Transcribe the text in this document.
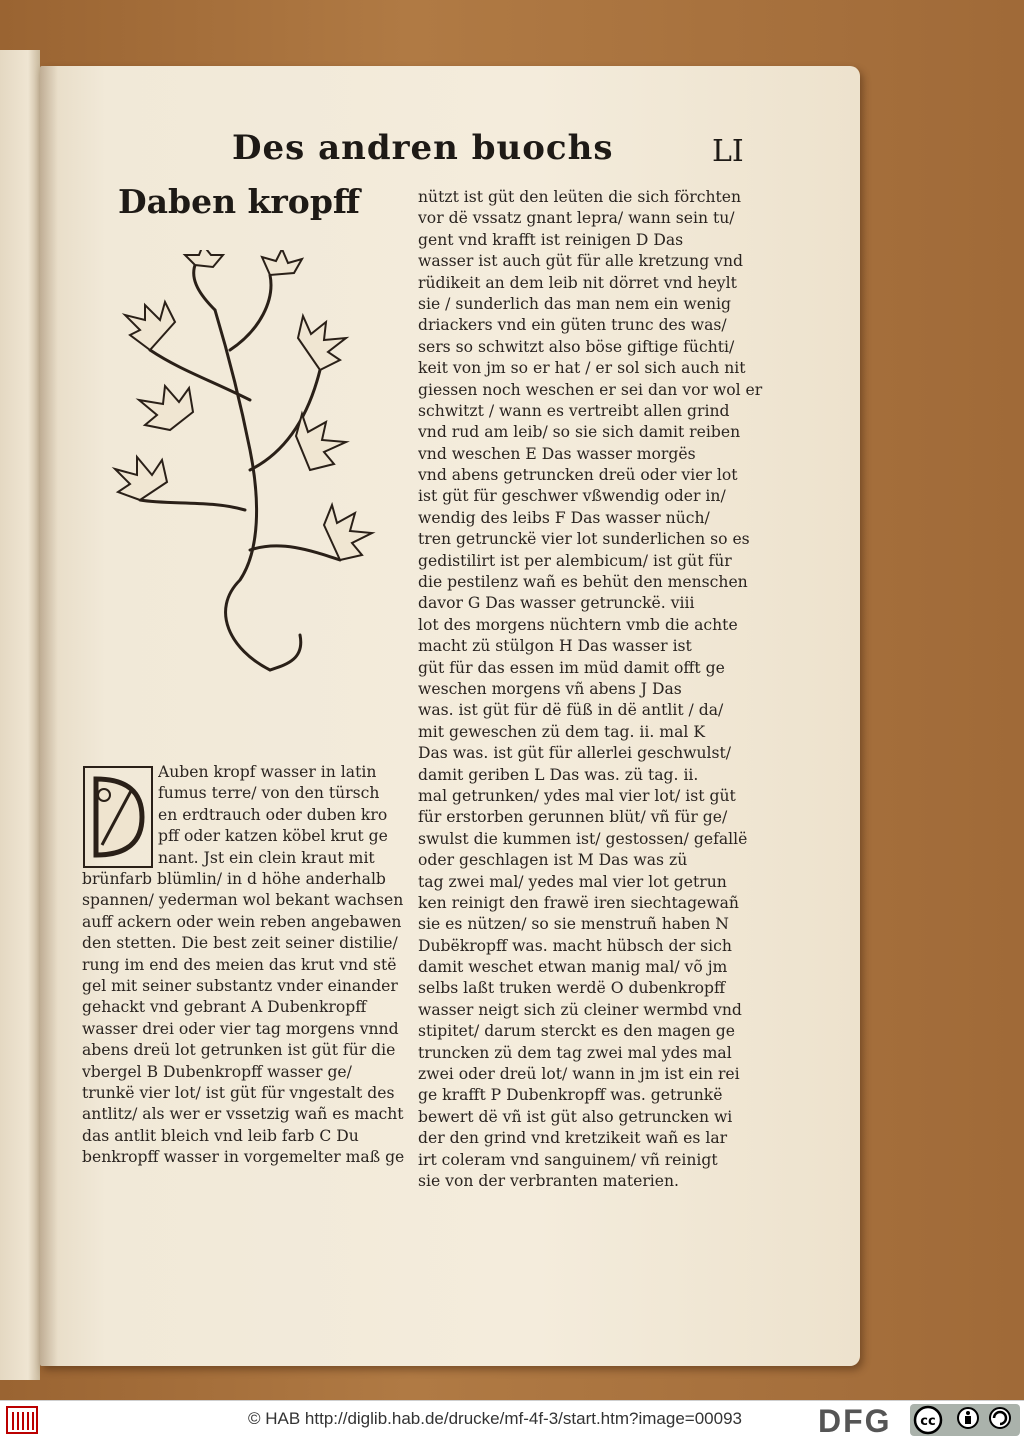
Des andren buochs	LI
Daben kropff	nützt ist güt den leüten die sich förchten
vor dë vssatz gnant lepra/ wann sein tu/
gent vnd krafft ist reinigen D Das
wasser ist auch güt für alle kretzung vnd
rüdikeit an dem leib nit dörret vnd heylt
sie / sunderlich das man nem ein wenig
driackers vnd ein güten trunc des was/
sers so schwitzt also böse giftige füchti/
keit von jm so er hat / er sol sich auch nit
giessen noch weschen er sei dan vor wol er
schwitzt / wann es vertreibt allen grind
vnd rud am leib/ so sie sich damit reiben
vnd weschen E Das wasser morgës
vnd abens getruncken dreü oder vier lot
ist güt für geschwer vßwendig oder in/
wendig des leibs F Das wasser nüch/
tren getrunckë vier lot sunderlichen so es
gedistilirt ist per alembicum/ ist güt für
die pestilenz wañ es behüt den menschen
davor G Das wasser getrunckë. viii
lot des morgens nüchtern vmb die achte
macht zü stülgon H Das wasser ist
güt für das essen im müd damit offt ge
weschen morgens vñ abens J Das
was. ist güt für dë füß in dë antlit / da/
mit geweschen zü dem tag. ii. mal K
Das was. ist güt für allerlei geschwulst/
damit geriben L Das was. zü tag. ii.
mal getrunken/ ydes mal vier lot/ ist güt
für erstorben gerunnen blüt/ vñ für ge/
swulst die kummen ist/ gestossen/ gefallë
oder geschlagen ist M Das was zü
tag zwei mal/ yedes mal vier lot getrun
ken reinigt den frawë iren siechtagewañ
sie es nützen/ so sie menstruñ haben N
Dubëkropff was. macht hübsch der sich
damit weschet etwan manig mal/ võ jm
selbs laßt truken werdë O dubenkropff
wasser neigt sich zü cleiner wermbd vnd
stipitet/ darum sterckt es den magen ge
truncken zü dem tag zwei mal ydes mal
zwei oder dreü lot/ wann in jm ist ein rei
ge krafft P Dubenkropff was. getrunkë
bewert dë vñ ist güt also getruncken wi
der den grind vnd kretzikeit wañ es lar
irt coleram vnd sanguinem/ vñ reinigt
sie von der verbranten materien.
Auben kropf wasser in latin
fumus terre/ von den türsch
en erdtrauch oder duben kro
pff oder katzen köbel krut ge
nant. Jst ein clein kraut mit
brünfarb blümlin/ in d höhe anderhalb
spannen/ yederman wol bekant wachsen
auff ackern oder wein reben angebawen
den stetten. Die best zeit seiner distilie/
rung im end des meien das krut vnd stë
gel mit seiner substantz vnder einander
gehackt vnd gebrant A Dubenkropff
wasser drei oder vier tag morgens vnnd
abens dreü lot getrunken ist güt für die
vbergel B Dubenkropff wasser ge/
trunkë vier lot/ ist güt für vngestalt des
antlitz/ als wer er vssetzig wañ es macht
das antlit bleich vnd leib farb C Du
benkropff wasser in vorgemelter maß ge
© HAB http://diglib.hab.de/drucke/mf-4f-3/start.htm?image=00093 DFG cc
